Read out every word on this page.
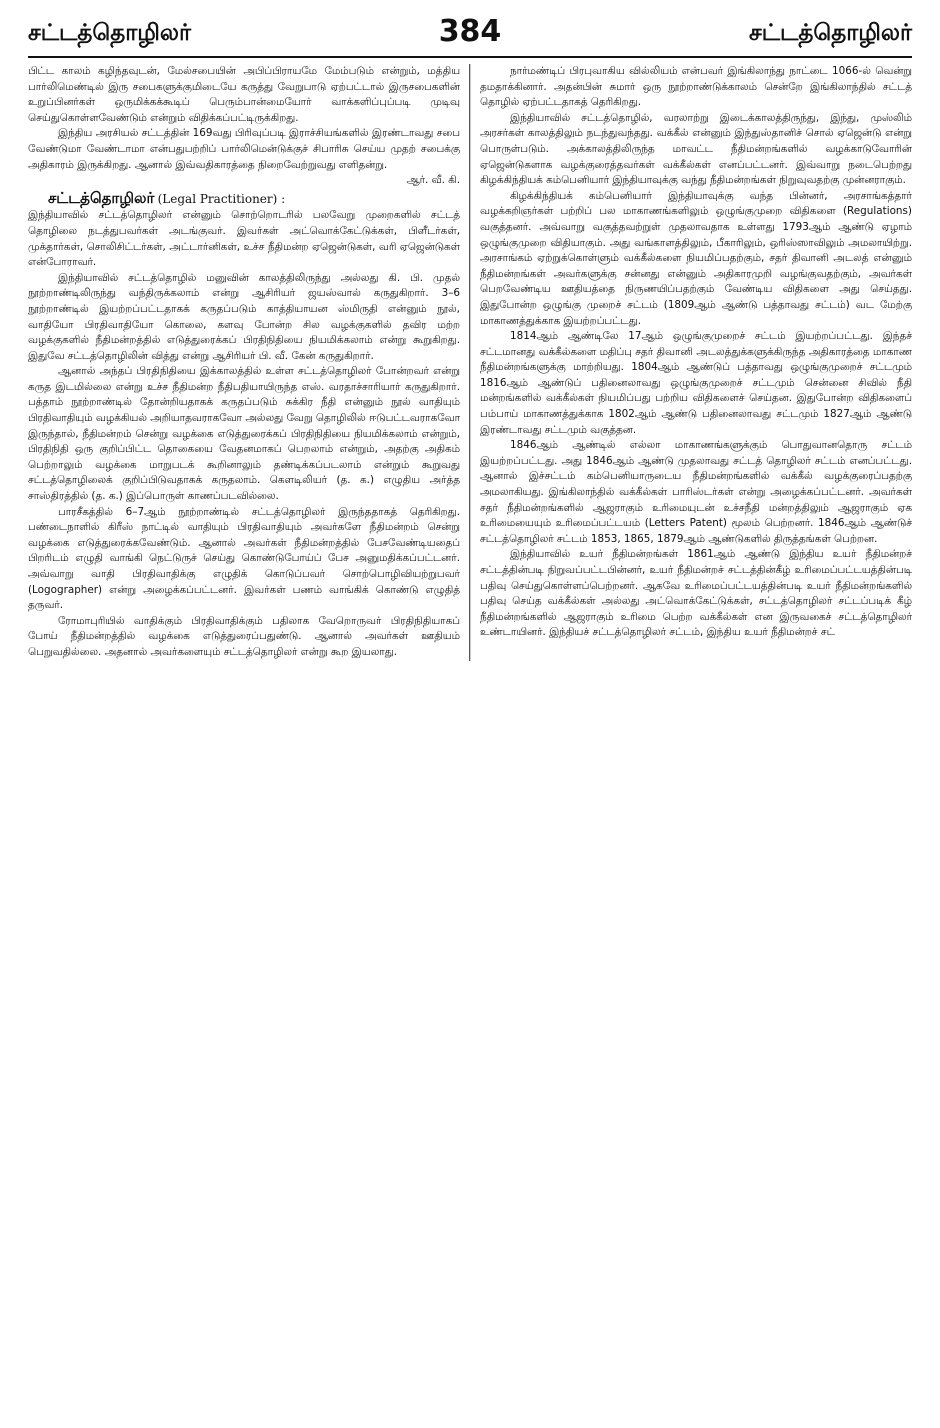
சட்டத்தொழிலர்	384	சட்டத்தொழிலர்

பிட்ட காலம் கழிந்தவுடன், மேல்சபையின் அபிப்பிராயமே மேம்படும் என்றும், மத்திய பார்லிமெண்டில் இரு சபைகளுக்குமிடையே கருத்து வேறுபாடு ஏற்பட்டால் இருசபைகளின் உறுப்பினர்கள் ஒருமிக்கக்கூடிப் பெரும்பான்மையோர் வாக்களிப்புப்படி முடிவு செய்துகொள்ளவேண்டும் என்றும் விதிக்கப்பட்டிருக்கிறது.

இந்திய அரசியல் சட்டத்தின் 169வது பிரிவுப்படி இராச்சியங்களில் இரண்டாவது சபை வேண்டுமா வேண்டாமா என்பதுபற்றிப் பார்லிமென்டுக்குச் சிபாரிசு செய்ய முதற் சபைக்கு அதிகாரம் இருக்கிறது. ஆனால் இவ்வதிகாரத்தை நிறைவேற்றுவது எளிதன்று.

ஆர். வீ. கி.

சட்டத்தொழிலர் (Legal Practitioner) :

இந்தியாவில் சட்டத்தொழிலர் என்னும் சொற்றொடரில் பலவேறு முறைகளில் சட்டத் தொழிலை நடத்துபவர்கள் அடங்குவர். இவர்கள் அட்வொக்கேட்டுக்கள், பிளீடர்கள், முக்தார்கள், சொலிசிட்டர்கள், அட்டார்னிகள், உச்ச நீதிமன்ற ஏஜென்டுகள், வரி ஏஜென்டுகள் என்போராவர்.

இந்தியாவில் சட்டத்தொழில் மனுவின் காலத்திலிருந்து அல்லது கி. பி. முதல் நூற்றாண்டிலிருந்து வந்திருக்கலாம் என்று ஆசிரியர் ஜயஸ்வால் கருதுகிறார். 3–6 நூற்றாண்டில் இயற்றப்பட்டதாகக் கருதப்படும் காத்தியாயன ஸ்மிருதி என்னும் நூல், வாதியோ பிரதிவாதியோ கொலை, களவு போன்ற சில வழக்குகளில் தவிர மற்ற வழக்குகளில் நீதிமன்றத்தில் எடுத்துரைக்கப் பிரதிநிதியை நியமிக்கலாம் என்று கூறுகிறது. இதுவே சட்டத்தொழிலின் வித்து என்று ஆசிரியர் பி. வீ. கேன் கருதுகிறார்.

ஆனால் அந்தப் பிரதிநிதியை இக்காலத்தில் உள்ள சட்டத்தொழிலர் போன்றவர் என்று கருத இடமில்லை என்று உச்ச நீதிமன்ற நீதிபதியாயிருந்த எஸ். வரதாச்சாரியார் கருதுகிறார். பத்தாம் நூற்றாண்டில் தோன்றியதாகக் கருதப்படும் சுக்கிர நீதி என்னும் நூல் வாதியும் பிரதிவாதியும் வழக்கியல் அறியாதவராகவோ அல்லது வேறு தொழிலில் ஈடுபட்டவராகவோ இருந்தால், நீதிமன்றம் சென்று வழக்கை எடுத்துரைக்கப் பிரதிநிதியை நியமிக்கலாம் என்றும், பிரதிநிதி ஒரு குறிப்பிட்ட தொகையை வேதனமாகப் பெறலாம் என்றும், அதற்கு அதிகம் பெற்றாலும் வழக்கை மாறுபடக் கூறினாலும் தண்டிக்கப்படலாம் என்றும் கூறுவது சட்டத்தொழிலைக் குறிப்பிடுவதாகக் கருதலாம். கௌடிலியர் (த. க.) எழுதிய அர்த்த சாஸ்திரத்தில் (த. க.) இப்பொருள் காணப்படவில்லை.

பாரசீகத்தில் 6–7ஆம் நூற்றாண்டில் சட்டத்தொழிலர் இருந்ததாகத் தெரிகிறது. பண்டைநாளில் கிரீஸ் நாட்டில் வாதியும் பிரதிவாதியும் அவர்களே நீதிமன்றம் சென்று வழக்கை எடுத்துரைக்கவேண்டும். ஆனால் அவர்கள் நீதிமன்றத்தில் பேசவேண்டியதைப் பிறரிடம் எழுதி வாங்கி நெட்டுருச் செய்து கொண்டுபோய்ப் பேச அனுமதிக்கப்பட்டனர். அவ்வாறு வாதி பிரதிவாதிக்கு எழுதிக் கொடுப்பவர் சொற்பொழிவியற்றுபவர் (Logographer) என்று அழைக்கப்பட்டனர். இவர்கள் பணம் வாங்கிக் கொண்டு எழுதித் தருவர்.

ரோமாபுரியில் வாதிக்கும் பிரதிவாதிக்கும் பதிலாக வேறொருவர் பிரதிநிதியாகப் போய் நீதிமன்றத்தில் வழக்கை எடுத்துரைப்பதுண்டு. ஆனால் அவர்கள் ஊதியம் பெறுவதில்லை. அதனால் அவர்களையும் சட்டத்தொழிலர் என்று கூற இயலாது.

நார்மண்டிப் பிரபுவாகிய வில்லியம் என்பவர் இங்கிலாந்து நாட்டை 1066-ல் வென்று தமதாக்கினார். அதன்பின் சுமார் ஒரு நூற்றாண்டுக்காலம் சென்றே இங்கிலாந்தில் சட்டத் தொழில் ஏற்பட்டதாகத் தெரிகிறது.

இந்தியாவில் சட்டத்தொழில், வரலாற்று இடைக்காலத்திருந்து, இந்து, முஸ்லிம் அரசர்கள் காலத்திலும் நடந்துவந்தது. வக்கீல் என்னும் இந்துஸ்தானிச் சொல் ஏஜென்டு என்று பொருள்படும். அக்காலத்திலிருந்த மாவட்ட நீதிமன்றங்களில் வழக்காடுவோரின் ஏஜென்டுகளாக வழக்குரைத்தவர்கள் வக்கீல்கள் எனப்பட்டனர். இவ்வாறு நடைபெற்றது கிழக்கிந்தியக் கம்பெனியார் இந்தியாவுக்கு வந்து நீதிமன்றங்கள் நிறுவுவதற்கு முன்னராகும்.

கிழக்கிந்தியக் கம்பெனியார் இந்தியாவுக்கு வந்த பின்னர், அரசாங்கத்தார் வழக்கறிஞர்கள் பற்றிப் பல மாகாணங்களிலும் ஒழுங்குமுறை விதிகளை (Regulations) வகுத்தனர். அவ்வாறு வகுத்தவற்றுள் முதலாவதாக உள்ளது 1793ஆம் ஆண்டு ஏழாம் ஒழுங்குமுறை விதியாகும். அது வங்காளத்திலும், பீகாரிலும், ஒரிஸ்ஸாவிலும் அமலாயிற்று. அரசாங்கம் ஏற்றுக்கொள்ளும் வக்கீல்களை நியமிப்பதற்கும், சதர் திவானி அடலத் என்னும் நீதிமன்றங்கள் அவர்களுக்கு சன்னது என்னும் அதிகாரமுறி வழங்குவதற்கும், அவர்கள் பெறவேண்டிய ஊதியத்தை நிருணயிப்பதற்கும் வேண்டிய விதிகளை அது செய்தது. இதுபோன்ற ஒழுங்கு முறைச் சட்டம் (1809ஆம் ஆண்டு பத்தாவது சட்டம்) வட மேற்கு மாகாணத்துக்காக இயற்றப்பட்டது.

1814ஆம் ஆண்டிலே 17ஆம் ஒழுங்குமுறைச் சட்டம் இயற்றப்பட்டது. இந்தச் சட்டமானது வக்கீல்களை மதிப்பு சதர் திவானி அடலத்துக்களுக்கிருந்த அதிகாரத்தை மாகாண நீதிமன்றங்களுக்கு மாற்றியது. 1804ஆம் ஆண்டுப் பத்தாவது ஒழுங்குமுறைச் சட்டமும் 1816ஆம் ஆண்டுப் பதினைலாவது ஒழுங்குமுறைச் சட்டமும் சென்னை சிவில் நீதி மன்றங்களில் வக்கீல்கள் நியமிப்பது பற்றிய விதிகளைச் செய்தன. இதுபோன்ற விதிகளைப் பம்பாய் மாகாணத்துக்காக 1802ஆம் ஆண்டு பதினைலாவது சட்டமும் 1827ஆம் ஆண்டு இரண்டாவது சட்டமும் வகுத்தன.

1846ஆம் ஆண்டில் எல்லா மாகாணங்களுக்கும் பொதுவானதொரு சட்டம் இயற்றப்பட்டது. அது 1846ஆம் ஆண்டு முதலாவது சட்டத் தொழிலர் சட்டம் எனப்பட்டது. ஆனால் இச்சட்டம் கம்பெனியாருடைய நீதிமன்றங்களில் வக்கீல் வழக்குரைப்பதற்கு அமலாகியது. இங்கிலாந்தில் வக்கீல்கள் பாரிஸ்டர்கள் என்று அழைக்கப்பட்டனர். அவர்கள் சதர் நீதிமன்றங்களில் ஆஜராகும் உரிமையுடன் உச்சநீதி மன்றத்திலும் ஆஜராகும் ஏக உரிமையையும் உரிமைப்பட்டயம் (Letters Patent) மூலம் பெற்றனர். 1846ஆம் ஆண்டுச் சட்டத்தொழிலர் சட்டம் 1853, 1865, 1879ஆம் ஆண்டுகளில் திருத்தங்கள் பெற்றன.

இந்தியாவில் உயர் நீதிமன்றங்கள் 1861ஆம் ஆண்டு இந்திய உயர் நீதிமன்றச் சட்டத்தின்படி நிறுவப்பட்டபின்னர், உயர் நீதிமன்றச் சட்டத்தின்கீழ் உரிமைப்பட்டயத்தின்படி பதிவு செய்துகொள்ளப்பெற்றனர். ஆகவே உரிமைப்பட்டயத்தின்படி உயர் நீதிமன்றங்களில் பதிவு செய்த வக்கீல்கள் அல்லது அட்வொக்கேட்டுக்கள், சட்டத்தொழிலர் சட்டப்படிக் கீழ் நீதிமன்றங்களில் ஆஜராகும் உரிமை பெற்ற வக்கீல்கள் என இருவகைச் சட்டத்தொழிலர் உண்டாயினர். இந்தியச் சட்டத்தொழிலர் சட்டம், இந்திய உயர் நீதிமன்றச் சட்
